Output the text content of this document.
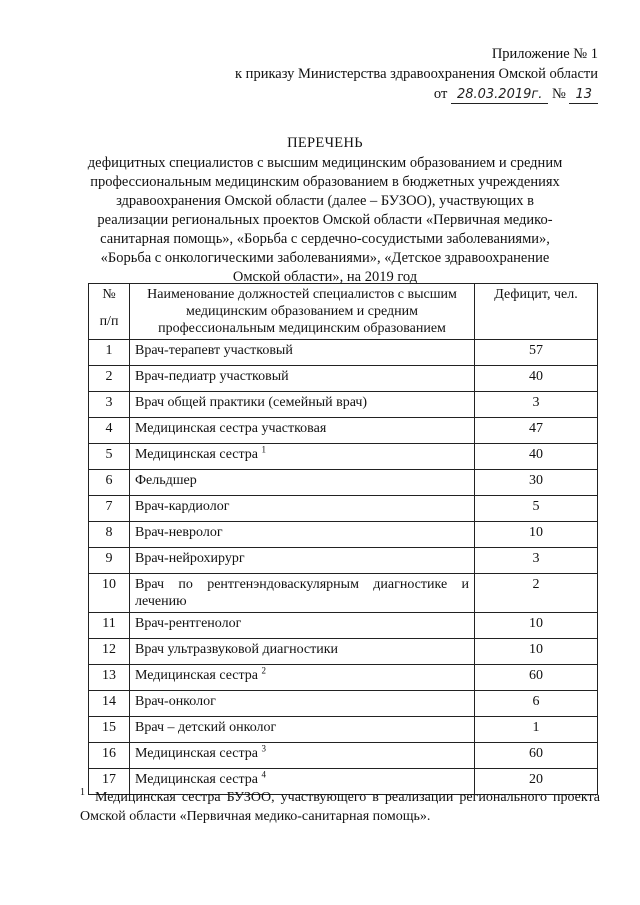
Приложение № 1
к приказу Министерства здравоохранения Омской области
от 28.03.2019г. № 13
ПЕРЕЧЕНЬ
дефицитных специалистов с высшим медицинским образованием и средним профессиональным медицинским образованием в бюджетных учреждениях здравоохранения Омской области (далее – БУЗОО), участвующих в реализации региональных проектов Омской области «Первичная медико-санитарная помощь», «Борьба с сердечно-сосудистыми заболеваниями», «Борьба с онкологическими заболеваниями», «Детское здравоохранение Омской области», на 2019 год
№
п/п	Наименование должностей специалистов с высшим медицинским образованием и средним профессиональным медицинским образованием	Дефицит, чел.
1	Врач-терапевт участковый	57
2	Врач-педиатр участковый	40
3	Врач общей практики (семейный врач)	3
4	Медицинская сестра участковая	47
5	Медицинская сестра $^1$	40
6	Фельдшер	30
7	Врач-кардиолог	5
8	Врач-невролог	10
9	Врач-нейрохирург	3
10	Врач по рентгенэндоваскулярным диагностике и лечению	2
11	Врач-рентгенолог	10
12	Врач ультразвуковой диагностики	10
13	Медицинская сестра $^2$	60
14	Врач-онколог	6
15	Врач – детский онколог	1
16	Медицинская сестра $^3$	60
17	Медицинская сестра $^4$	20
$^1$ Медицинская сестра БУЗОО, участвующего в реализации регионального проекта Омской области «Первичная медико-санитарная помощь».
